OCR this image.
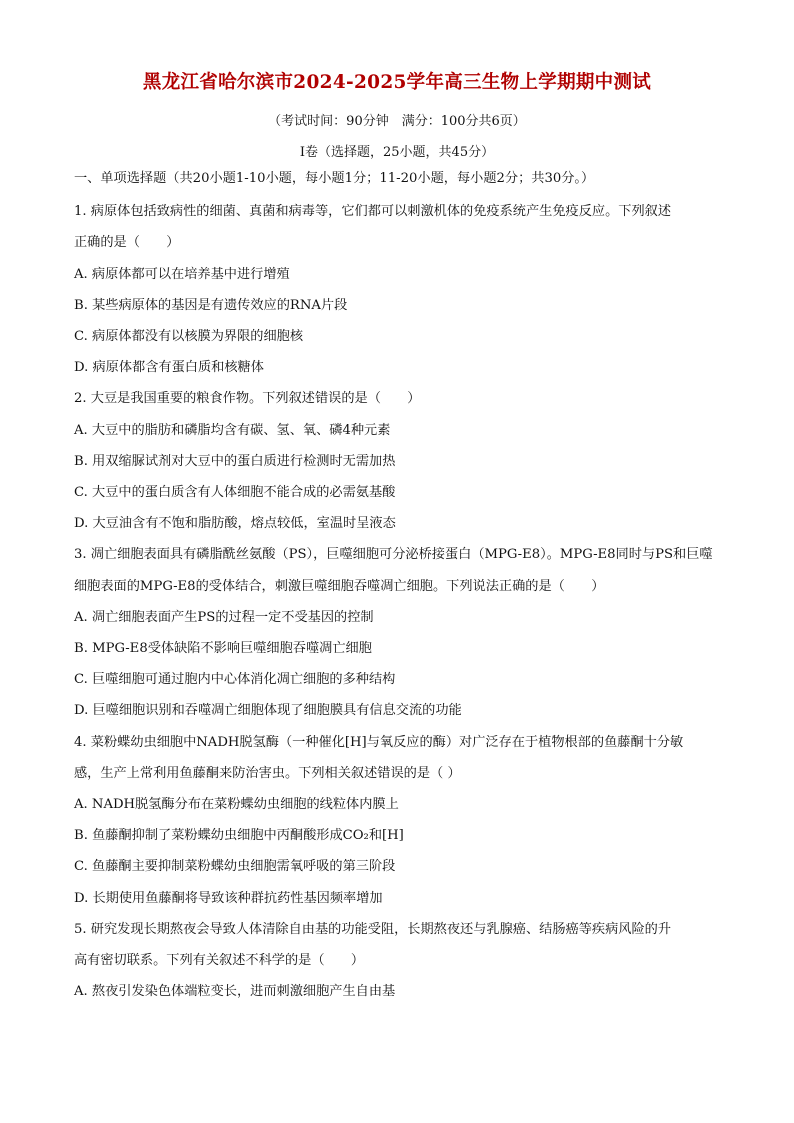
黑龙江省哈尔滨市2024-2025学年高三生物上学期期中测试
（考试时间：90分钟　满分：100分共6页）
Ⅰ卷（选择题，25小题，共45分）
一、单项选择题（共20小题1-10小题，每小题1分；11-20小题，每小题2分；共30分。）
1. 病原体包括致病性的细菌、真菌和病毒等，它们都可以刺激机体的免疫系统产生免疫反应。下列叙述
正确的是（　　）
A. 病原体都可以在培养基中进行增殖
B. 某些病原体的基因是有遗传效应的RNA片段
C. 病原体都没有以核膜为界限的细胞核
D. 病原体都含有蛋白质和核糖体
2. 大豆是我国重要的粮食作物。下列叙述错误的是（　　）
A. 大豆中的脂肪和磷脂均含有碳、氢、氧、磷4种元素
B. 用双缩脲试剂对大豆中的蛋白质进行检测时无需加热
C. 大豆中的蛋白质含有人体细胞不能合成的必需氨基酸
D. 大豆油含有不饱和脂肪酸，熔点较低，室温时呈液态
3. 凋亡细胞表面具有磷脂酰丝氨酸（PS），巨噬细胞可分泌桥接蛋白（MPG-E8）。MPG-E8同时与PS和巨噬
细胞表面的MPG-E8的受体结合，刺激巨噬细胞吞噬凋亡细胞。下列说法正确的是（　　）
A. 凋亡细胞表面产生PS的过程一定不受基因的控制
B. MPG-E8受体缺陷不影响巨噬细胞吞噬凋亡细胞
C. 巨噬细胞可通过胞内中心体消化凋亡细胞的多种结构
D. 巨噬细胞识别和吞噬凋亡细胞体现了细胞膜具有信息交流的功能
4. 菜粉蝶幼虫细胞中NADH脱氢酶（一种催化[H]与氧反应的酶）对广泛存在于植物根部的鱼藤酮十分敏
感，生产上常利用鱼藤酮来防治害虫。下列相关叙述错误的是（ ）
A. NADH脱氢酶分布在菜粉蝶幼虫细胞的线粒体内膜上
B. 鱼藤酮抑制了菜粉蝶幼虫细胞中丙酮酸形成CO₂和[H]
C. 鱼藤酮主要抑制菜粉蝶幼虫细胞需氧呼吸的第三阶段
D. 长期使用鱼藤酮将导致该种群抗药性基因频率增加
5. 研究发现长期熬夜会导致人体清除自由基的功能受阻，长期熬夜还与乳腺癌、结肠癌等疾病风险的升
高有密切联系。下列有关叙述不科学的是（　　）
A. 熬夜引发染色体端粒变长，进而刺激细胞产生自由基
